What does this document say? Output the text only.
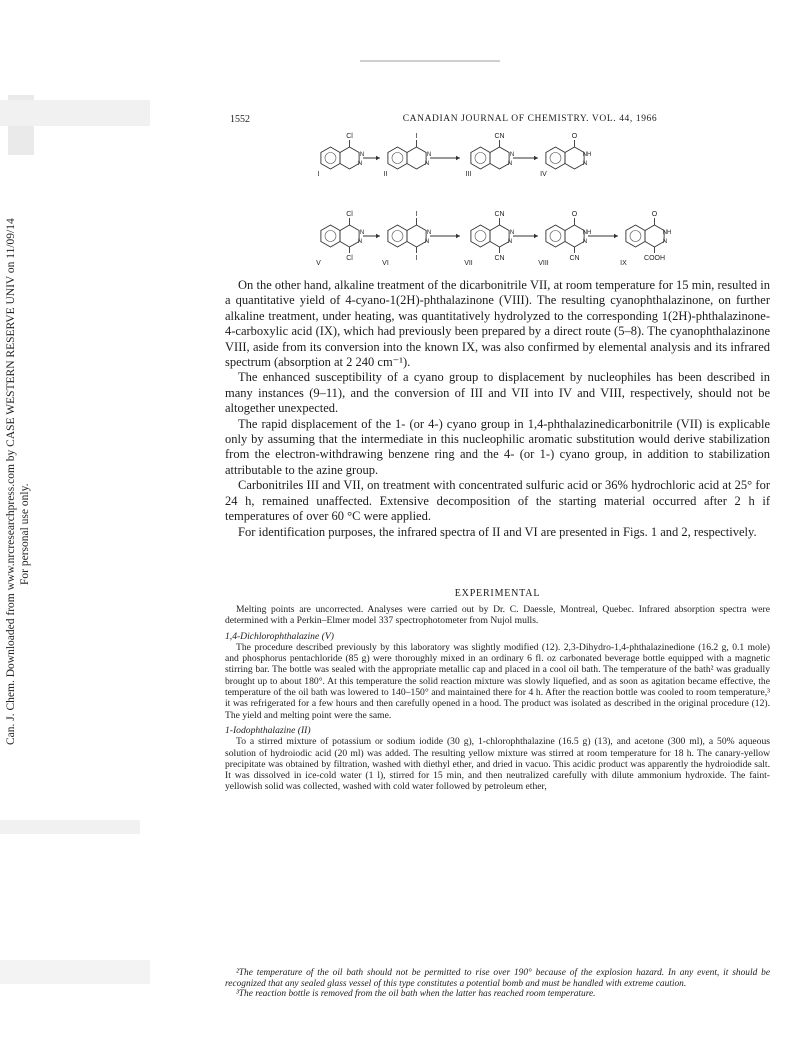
Can. J. Chem. Downloaded from www.nrcresearchpress.com by CASE WESTERN RESERVE UNIV on 11/09/14 For personal use only.
1552	CANADIAN JOURNAL OF CHEMISTRY. VOL. 44, 1966
Cl
N
N
I
I
N
N
II
CN
N
N
III
O
NH
N
IV
Cl
Cl
N
N
V
I
I
N
N
VI
CN
CN
N
N
VII
O
CN
NH
N
VIII
O
COOH
NH
N
IX

On the other hand, alkaline treatment of the dicarbonitrile VII, at room temperature for 15 min, resulted in a quantitative yield of 4-cyano-1(2H)-phthalazinone (VIII). The resulting cyanophthalazinone, on further alkaline treatment, under heating, was quantitatively hydrolyzed to the corresponding 1(2H)-phthalazinone-4-carboxylic acid (IX), which had previously been prepared by a direct route (5–8). The cyanophthalazinone VIII, aside from its conversion into the known IX, was also confirmed by elemental analysis and its infrared spectrum (absorption at 2 240 cm⁻¹).

The enhanced susceptibility of a cyano group to displacement by nucleophiles has been described in many instances (9–11), and the conversion of III and VII into IV and VIII, respectively, should not be altogether unexpected.

The rapid displacement of the 1- (or 4-) cyano group in 1,4-phthalazinedicarbonitrile (VII) is explicable only by assuming that the intermediate in this nucleophilic aromatic substitution would derive stabilization from the electron-withdrawing benzene ring and the 4- (or 1-) cyano group, in addition to stabilization attributable to the azine group.

Carbonitriles III and VII, on treatment with concentrated sulfuric acid or 36% hydrochloric acid at 25° for 24 h, remained unaffected. Extensive decomposition of the starting material occurred after 2 h if temperatures of over 60 °C were applied.

For identification purposes, the infrared spectra of II and VI are presented in Figs. 1 and 2, respectively.

EXPERIMENTAL

Melting points are uncorrected. Analyses were carried out by Dr. C. Daessle, Montreal, Quebec. Infrared absorption spectra were determined with a Perkin–Elmer model 337 spectrophotometer from Nujol mulls.

1,4-Dichlorophthalazine (V)

The procedure described previously by this laboratory was slightly modified (12). 2,3-Dihydro-1,4-phthalazinedione (16.2 g, 0.1 mole) and phosphorus pentachloride (85 g) were thoroughly mixed in an ordinary 6 fl. oz carbonated beverage bottle equipped with a magnetic stirring bar. The bottle was sealed with the appropriate metallic cap and placed in a cool oil bath. The temperature of the bath² was gradually brought up to about 180°. At this temperature the solid reaction mixture was slowly liquefied, and as soon as agitation became effective, the temperature of the oil bath was lowered to 140–150° and maintained there for 4 h. After the reaction bottle was cooled to room temperature,³ it was refrigerated for a few hours and then carefully opened in a hood. The product was isolated as described in the original procedure (12). The yield and melting point were the same.

1-Iodophthalazine (II)

To a stirred mixture of potassium or sodium iodide (30 g), 1-chlorophthalazine (16.5 g) (13), and acetone (300 ml), a 50% aqueous solution of hydroiodic acid (20 ml) was added. The resulting yellow mixture was stirred at room temperature for 18 h. The canary-yellow precipitate was obtained by filtration, washed with diethyl ether, and dried in vacuo. This acidic product was apparently the hydroiodide salt. It was dissolved in ice-cold water (1 l), stirred for 15 min, and then neutralized carefully with dilute ammonium hydroxide. The faint-yellowish solid was collected, washed with cold water followed by petroleum ether,

²The temperature of the oil bath should not be permitted to rise over 190° because of the explosion hazard. In any event, it should be recognized that any sealed glass vessel of this type constitutes a potential bomb and must be handled with extreme caution.

³The reaction bottle is removed from the oil bath when the latter has reached room temperature.
